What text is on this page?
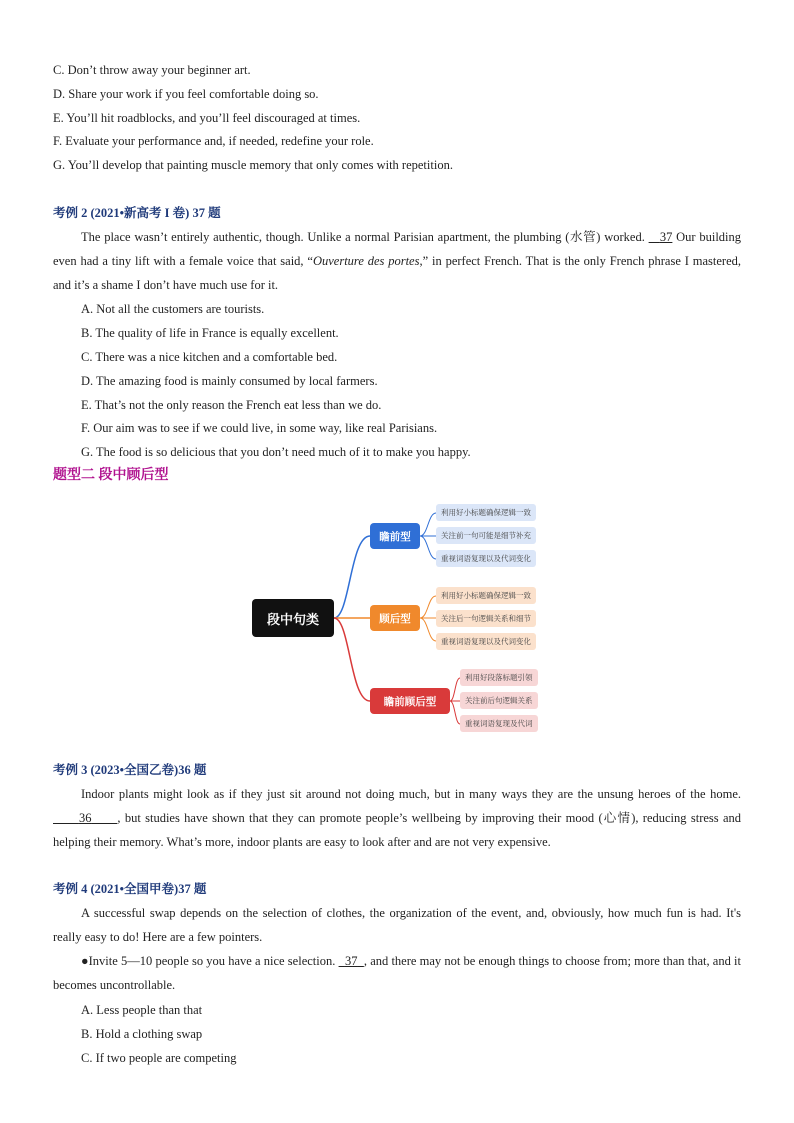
C. Don’t throw away your beginner art.
D. Share your work if you feel comfortable doing so.
E. You’ll hit roadblocks, and you’ll feel discouraged at times.
F. Evaluate your performance and, if needed, redefine your role.
G. You’ll develop that painting muscle memory that only comes with repetition.
考例 2 (2021•新高考 I 卷) 37 题
The place wasn’t entirely authentic, though. Unlike a normal Parisian apartment, the plumbing (水管) worked. 37 Our building even had a tiny lift with a female voice that said, “Ouverture des portes,” in perfect French. That is the only French phrase I mastered, and it’s a shame I don’t have much use for it.
A. Not all the customers are tourists.
B. The quality of life in France is equally excellent.
C. There was a nice kitchen and a comfortable bed.
D. The amazing food is mainly consumed by local farmers.
E. That’s not the only reason the French eat less than we do.
F. Our aim was to see if we could live, in some way, like real Parisians.
G. The food is so delicious that you don’t need much of it to make you happy.
题型二 段中顾后型
段中句类
瞻前型
利用好小标题确保逻辑一致
关注前一句可能是细节补充
重视词语复现以及代词变化
顾后型
利用好小标题确保逻辑一致
关注后一句逻辑关系和细节
重视词语复现以及代词变化
瞻前顾后型
利用好段落标题引领
关注前后句逻辑关系
重视词语复现及代词
考例 3 (2023•全国乙卷)36 题
Indoor plants might look as if they just sit around not doing much, but in many ways they are the unsung heroes of the home.       36 , but studies have shown that they can promote people’s wellbeing by improving their mood (心情), reducing stress and helping their memory. What’s more, indoor plants are easy to look after and are not very expensive.
考例 4 (2021•全国甲卷)37 题
A successful swap depends on the selection of clothes, the organization of the event, and, obviously, how much fun is had. It's really easy to do! Here are a few pointers.
●Invite 5—10 people so you have a nice selection. 37 , and there may not be enough things to choose from; more than that, and it becomes uncontrollable.
A. Less people than that
B. Hold a clothing swap
C. If two people are competing
